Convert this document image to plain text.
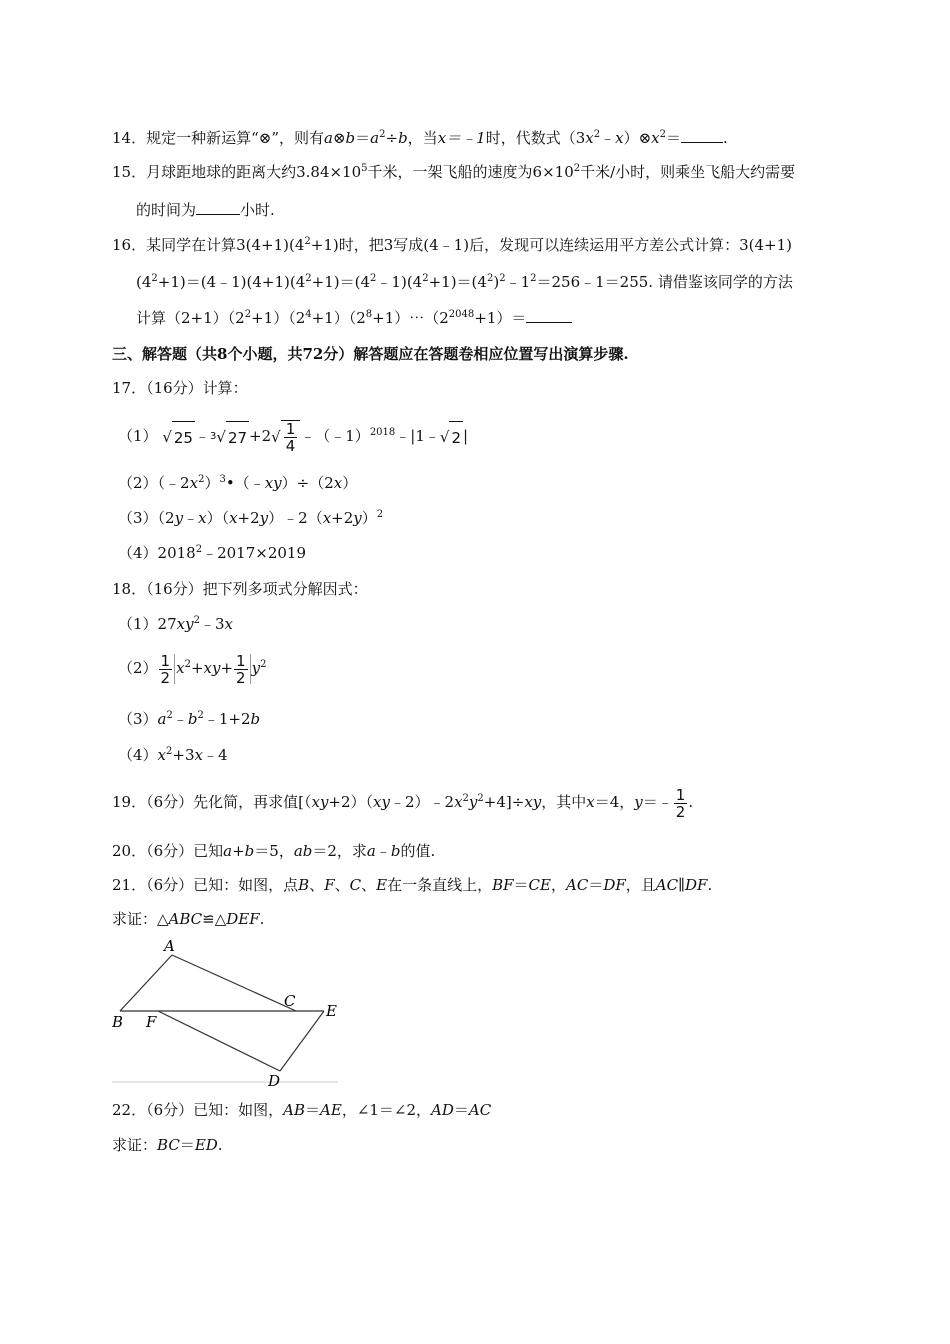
14．规定一种新运算“⊗”，则有$a\otimes b=a^2\div b$，当x＝﹣1时，代数式$(3x^2﹣x)\otimes x^2=$	.
15．月球距地球的距离大约$3.84\times 10^5$千米，一架飞船的速度为$6\times 10^2$千米/小时，则乘坐飞船大约需要
的时间为	小时.
16．某同学在计算$3(4+1)(4^2+1)$时，把3写成(4﹣1)后，发现可以连续运用平方差公式计算：3(4+1)
$(4^2+1)=(4﹣1)(4+1)(4^2+1)=(4^2﹣1)(4^2+1)=(4^2)^2﹣1^2=256﹣1=255$. 请借鉴该同学的方法
计算$(2+1)(2^2+1)(2^4+1)(2^8+1)\cdots(2^{2048}+1)=$
三、解答题（共8个小题，共72分）解答题应在答题卷相应位置写出演算步骤.
17．（16分）计算：
（1） √ 25 ﹣ 3 √ $27 +2√ \frac{1}{4}$ ﹣（﹣1）$^{2018}$﹣|1﹣√ 2 |
$(2)(﹣2x^2)^3•(﹣xy)\div(2x)$
$(3)(2y﹣x)(x+2y)﹣2(x+2y)^2$
$(4)2018^2﹣2017\times 2019$
18．（16分）把下列多项式分解因式：
$(1)27xy^2﹣3x$
$(2) \frac{1}{2} x^2+xy+ \frac{1}{2} y^2$
$(3)a^2﹣b^2﹣1+2b$
$(4)x^2+3x﹣4$
19．（6分）先化简，再求值$[(xy+2)(xy﹣2)﹣2x^2y^2+4]\div xy$，其中x＝4，y＝﹣ $\frac{1}{2}$ .
20．（6分）已知a+b＝5，ab＝2，求a﹣b的值.
21．（6分）已知：如图，点B、F、C、E在一条直线上，BF＝CE，AC＝DF，且AC∥DF.
求证：△ABC≌△DEF.
A
B
C
E
F
D
22．（6分）已知：如图，AB＝AE，∠1＝∠2，AD＝AC
求证：BC＝ED.
